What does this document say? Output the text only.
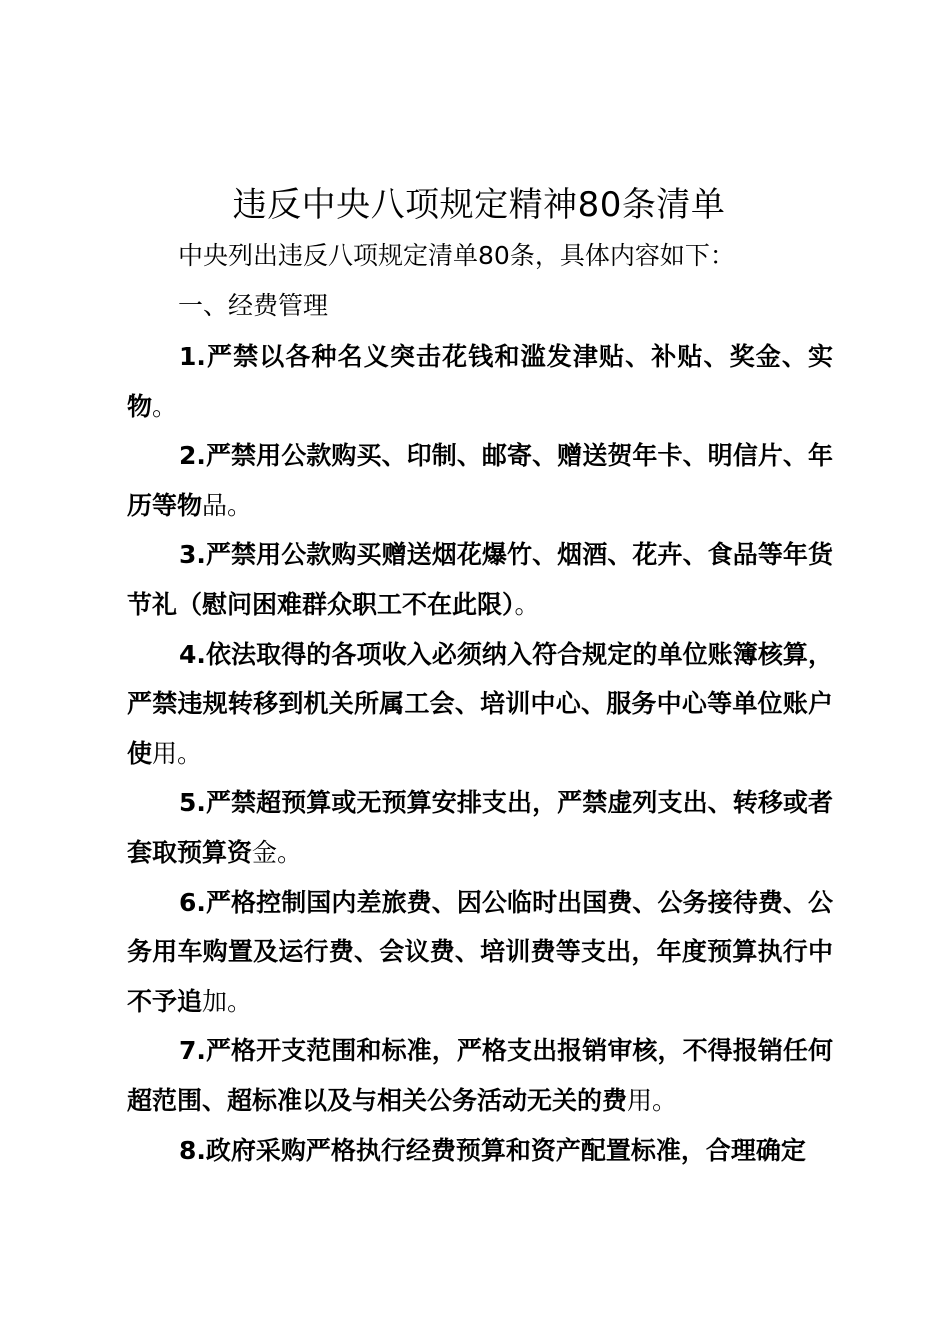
违反中央八项规定精神80条清单
中央列出违反八项规定清单80条，具体内容如下：
一、经费管理

1.严禁以各种名义突击花钱和滥发津贴、补贴、奖金、实物。

2.严禁用公款购买、印制、邮寄、赠送贺年卡、明信片、年历等物品。

3.严禁用公款购买赠送烟花爆竹、烟酒、花卉、食品等年货节礼（慰问困难群众职工不在此限）。

4.依法取得的各项收入必须纳入符合规定的单位账簿核算，严禁违规转移到机关所属工会、培训中心、服务中心等单位账户使用。

5.严禁超预算或无预算安排支出，严禁虚列支出、转移或者套取预算资金。

6.严格控制国内差旅费、因公临时出国费、公务接待费、公务用车购置及运行费、会议费、培训费等支出，年度预算执行中不予追加。

7.严格开支范围和标准，严格支出报销审核，不得报销任何超范围、超标准以及与相关公务活动无关的费用。

8.政府采购严格执行经费预算和资产配置标准，合理确定
